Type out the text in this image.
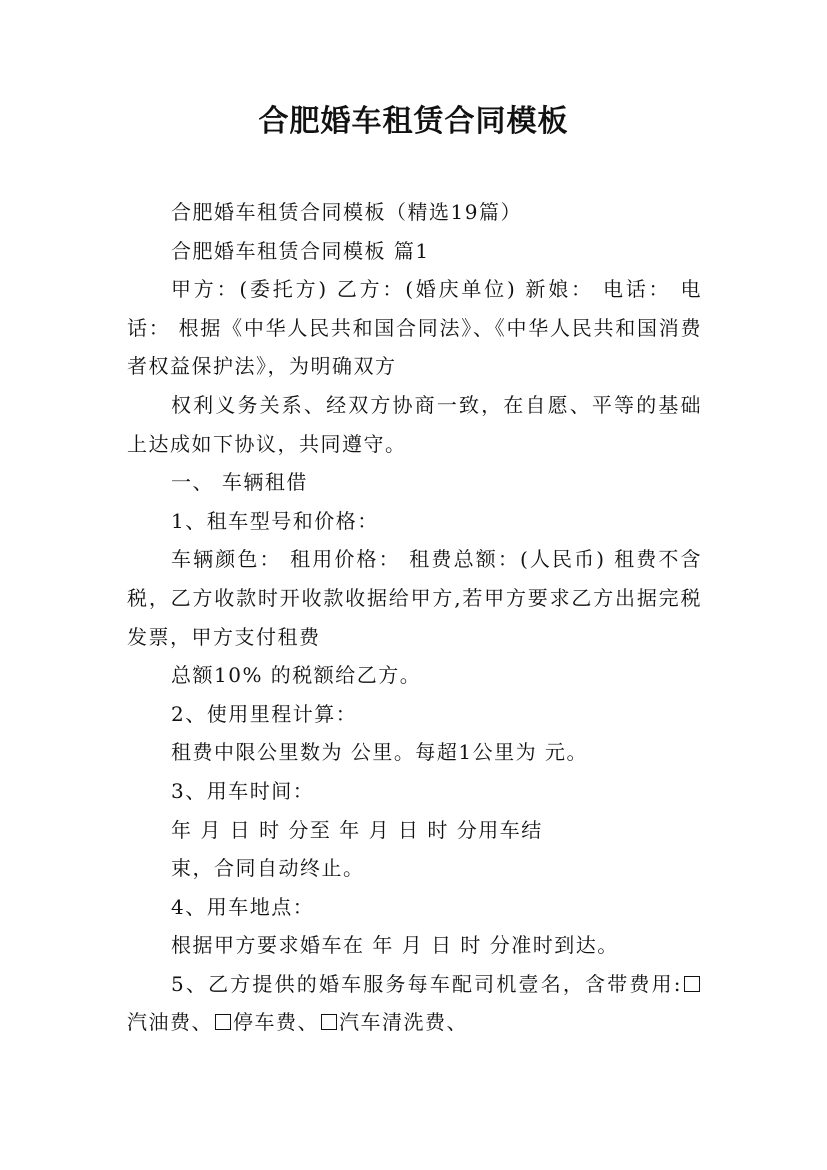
合肥婚车租赁合同模板

合肥婚车租赁合同模板（精选19篇）

合肥婚车租赁合同模板 篇1

甲方：(委托方) 乙方：(婚庆单位) 新娘： 电话： 电话： 根据《中华人民共和国合同法》、《中华人民共和国消费者权益保护法》，为明确双方

权利义务关系、经双方协商一致，在自愿、平等的基础上达成如下协议，共同遵守。

一、 车辆租借

1、租车型号和价格：

车辆颜色： 租用价格： 租费总额：(人民币) 租费不含税，乙方收款时开收款收据给甲方,若甲方要求乙方出据完税发票，甲方支付租费

总额10% 的税额给乙方。

2、使用里程计算：

租费中限公里数为 公里。每超1公里为 元。

3、用车时间：

年 月 日 时 分至 年 月 日 时 分用车结

束，合同自动终止。

4、用车地点：

根据甲方要求婚车在 年 月 日 时 分准时到达。

5、乙方提供的婚车服务每车配司机壹名，含带费用:汽油费、 停车费、 汽车清洗费、
